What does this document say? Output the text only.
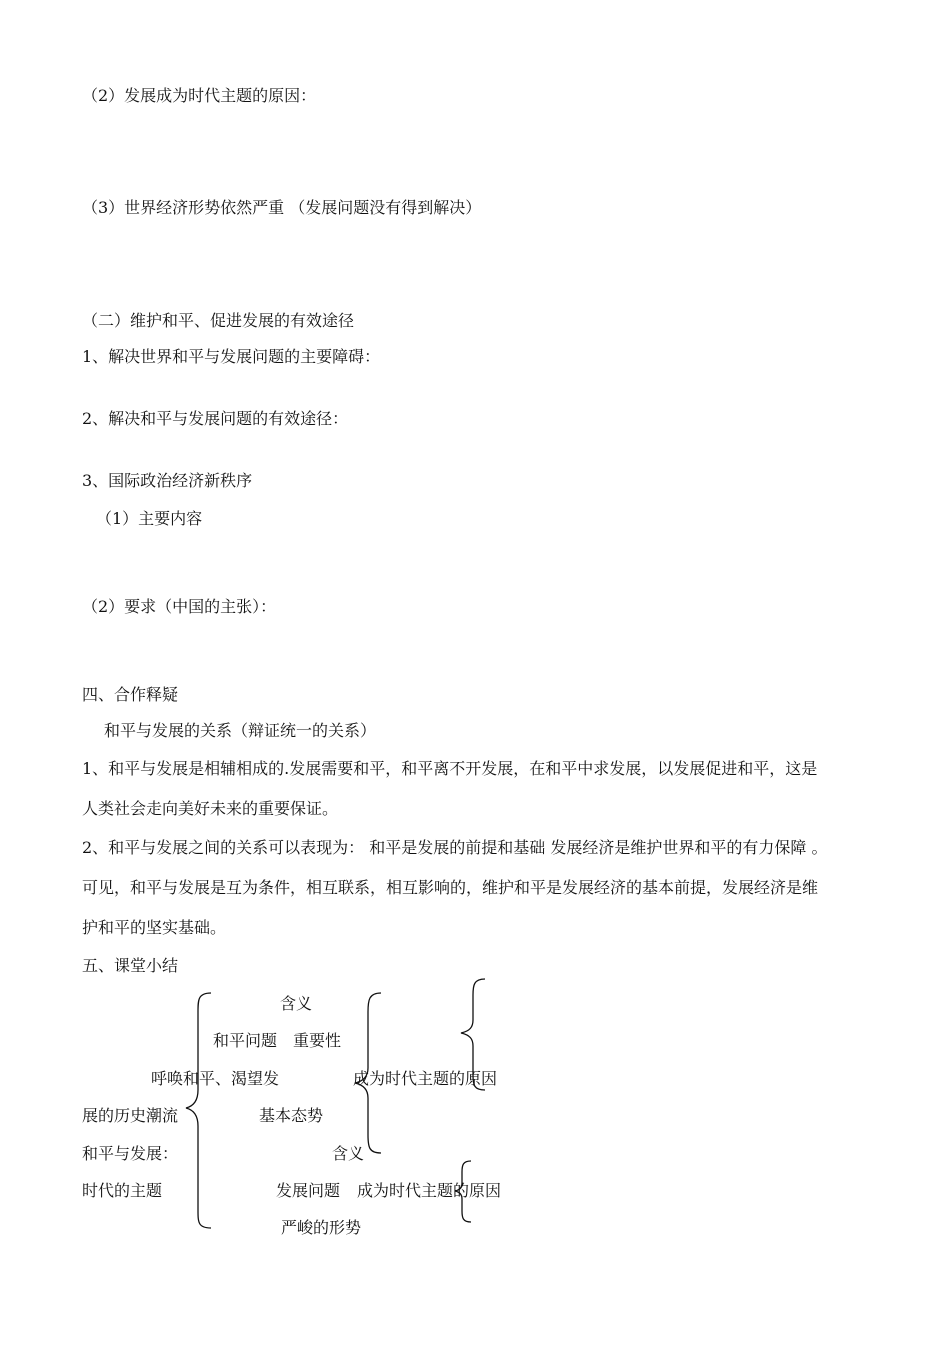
（2）发展成为时代主题的原因：
（3）世界经济形势依然严重 （发展问题没有得到解决）
（二）维护和平、促进发展的有效途径
1、解决世界和平与发展问题的主要障碍：
2、解决和平与发展问题的有效途径：
3、国际政治经济新秩序
（1）主要内容
（2）要求（中国的主张）：
四、合作释疑
和平与发展的关系（辩证统一的关系）
1、和平与发展是相辅相成的.发展需要和平，和平离不开发展，在和平中求发展，以发展促进和平，这是
人类社会走向美好未来的重要保证。
2、和平与发展之间的关系可以表现为： 和平是发展的前提和基础 发展经济是维护世界和平的有力保障 。
可见，和平与发展是互为条件，相互联系，相互影响的，维护和平是发展经济的基本前提，发展经济是维
护和平的坚实基础。
五、课堂小结
含义
和平问题 重要性
呼唤和平、渴望发	成为时代主题的原因
展的历史潮流	基本态势
和平与发展：	含义
时代的主题	发展问题 成为时代主题的原因
严峻的形势
